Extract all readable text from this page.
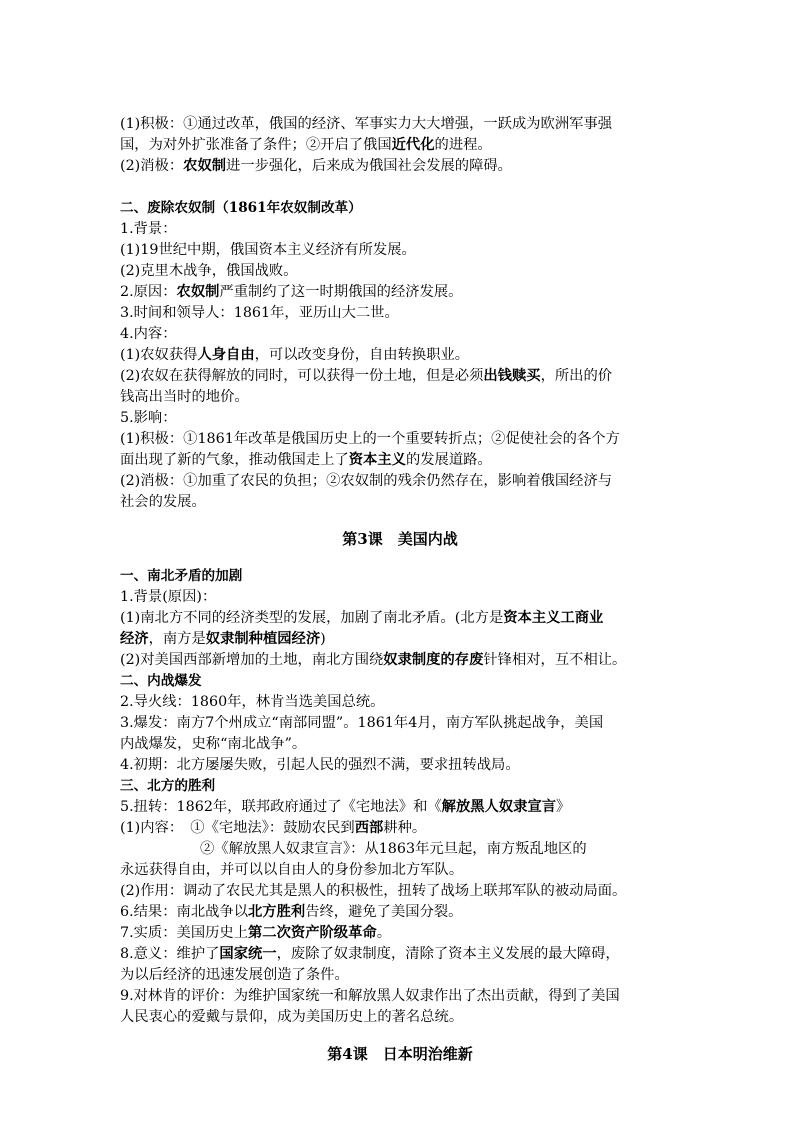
(1)积极：①通过改革，俄国的经济、军事实力大大增强，一跃成为欧洲军事强
国，为对外扩张准备了条件；②开启了俄国近代化的进程。
(2)消极：农奴制进一步强化，后来成为俄国社会发展的障碍。
二、废除农奴制（1861年农奴制改革）
1.背景：
(1)19世纪中期，俄国资本主义经济有所发展。
(2)克里木战争，俄国战败。
2.原因：农奴制严重制约了这一时期俄国的经济发展。
3.时间和领导人：1861年，亚历山大二世。
4.内容：
(1)农奴获得人身自由，可以改变身份，自由转换职业。
(2)农奴在获得解放的同时，可以获得一份土地，但是必须出钱赎买，所出的价
钱高出当时的地价。
5.影响：
(1)积极：①1861年改革是俄国历史上的一个重要转折点；②促使社会的各个方
面出现了新的气象，推动俄国走上了资本主义的发展道路。
(2)消极：①加重了农民的负担；②农奴制的残余仍然存在，影响着俄国经济与
社会的发展。
第3课　美国内战
一、南北矛盾的加剧
1.背景(原因)：
(1)南北方不同的经济类型的发展，加剧了南北矛盾。(北方是资本主义工商业
经济，南方是奴隶制种植园经济)
(2)对美国西部新增加的土地，南北方围绕奴隶制度的存废针锋相对，互不相让。
二、内战爆发
2.导火线：1860年，林肯当选美国总统。
3.爆发：南方7个州成立“南部同盟”。1861年4月，南方军队挑起战争，美国
内战爆发，史称“南北战争”。
4.初期：北方屡屡失败，引起人民的强烈不满，要求扭转战局。
三、北方的胜利
5.扭转：1862年，联邦政府通过了《宅地法》和《解放黑人奴隶宣言》
(1)内容：　①《宅地法》：鼓励农民到西部耕种。
②《解放黑人奴隶宣言》：从1863年元旦起，南方叛乱地区的
永远获得自由，并可以以自由人的身份参加北方军队。
(2)作用：调动了农民尤其是黑人的积极性，扭转了战场上联邦军队的被动局面。
6.结果：南北战争以北方胜利告终，避免了美国分裂。
7.实质：美国历史上第二次资产阶级革命。
8.意义：维护了国家统一，废除了奴隶制度，清除了资本主义发展的最大障碍，
为以后经济的迅速发展创造了条件。
9.对林肯的评价：为维护国家统一和解放黑人奴隶作出了杰出贡献，得到了美国
人民衷心的爱戴与景仰，成为美国历史上的著名总统。
第4课　日本明治维新
